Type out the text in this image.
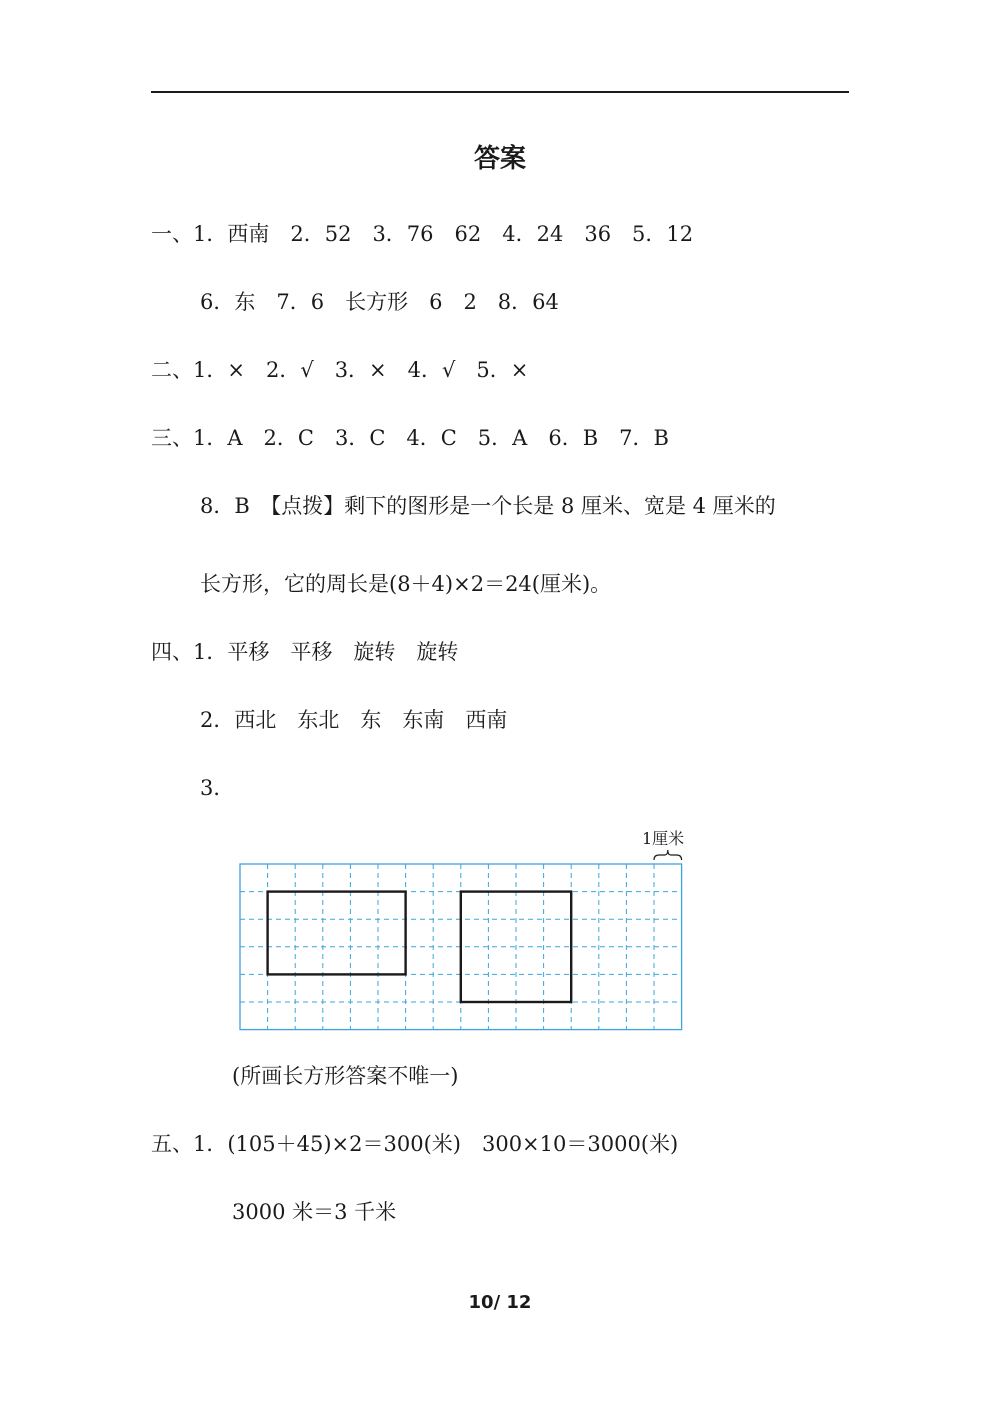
答案
一、1．西南　2．52　3．76　62　4．24　36　5．12
6．东　7．6　长方形　6　2　8．64
二、1．×　2．√　3．×　4．√　5．×
三、1．A　2．C　3．C　4．C　5．A　6．B　7．B
8．B　【点拨】剩下的图形是一个长是 8 厘米、宽是 4 厘米的
长方形，它的周长是(8＋4)×2＝24(厘米)。
四、1．平移　平移　旋转　旋转
2．西北　东北　东　东南　西南
3．
1厘米
(所画长方形答案不唯一)
五、1．(105＋45)×2＝300(米)　300×10＝3000(米)
3000 米＝3 千米
10/ 12
